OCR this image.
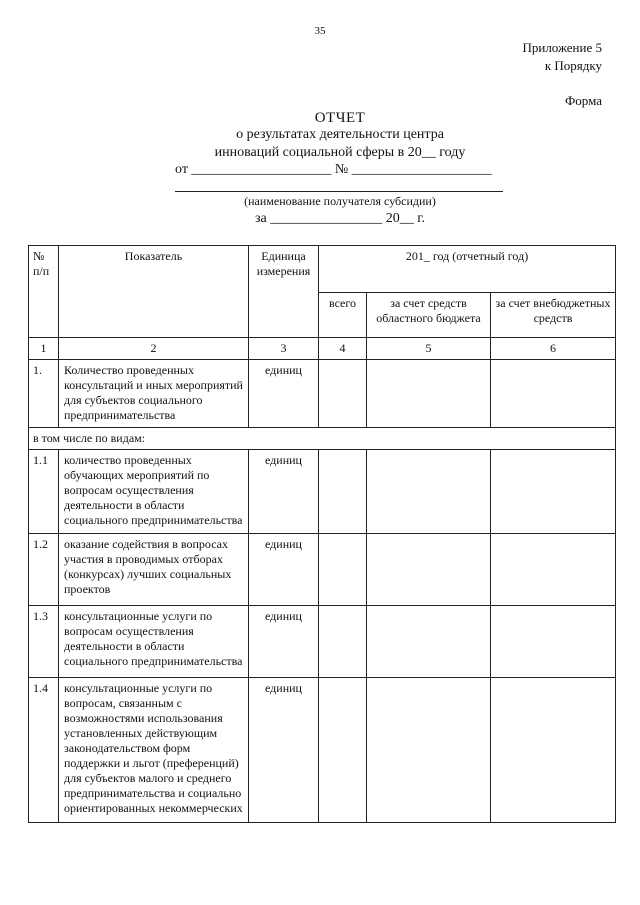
35
Приложение 5
к Порядку
Форма
ОТЧЕТ
о результатах деятельности центра
инноваций социальной сферы в 20__ году
от ____________________ № ____________________
(наименование получателя субсидии)
за ________________ 20__ г.
№ п/п	Показатель	Единица измерения	201_ год (отчетный год)		
			всего	за счет средств областного бюджета	за счет внебюджетных средств
1	2	3	4	5	6
1.	Количество проведенных консультаций и иных мероприятий для субъектов социального предпринимательства	единиц			
в том числе по видам:					
1.1	количество проведенных обучающих мероприятий по вопросам осуществления деятельности в области социального предпринимательства	единиц			
1.2	оказание содействия в вопросах участия в проводимых отборах (конкурсах) лучших социальных проектов	единиц			
1.3	консультационные услуги по вопросам осуществления деятельности в области социального предпринимательства	единиц			
1.4	консультационные услуги по вопросам, связанным с возможностями использования установленных действующим законодательством форм поддержки и льгот (преференций) для субъектов малого и среднего предпринимательства и социально ориентированных некоммерческих	единиц			
